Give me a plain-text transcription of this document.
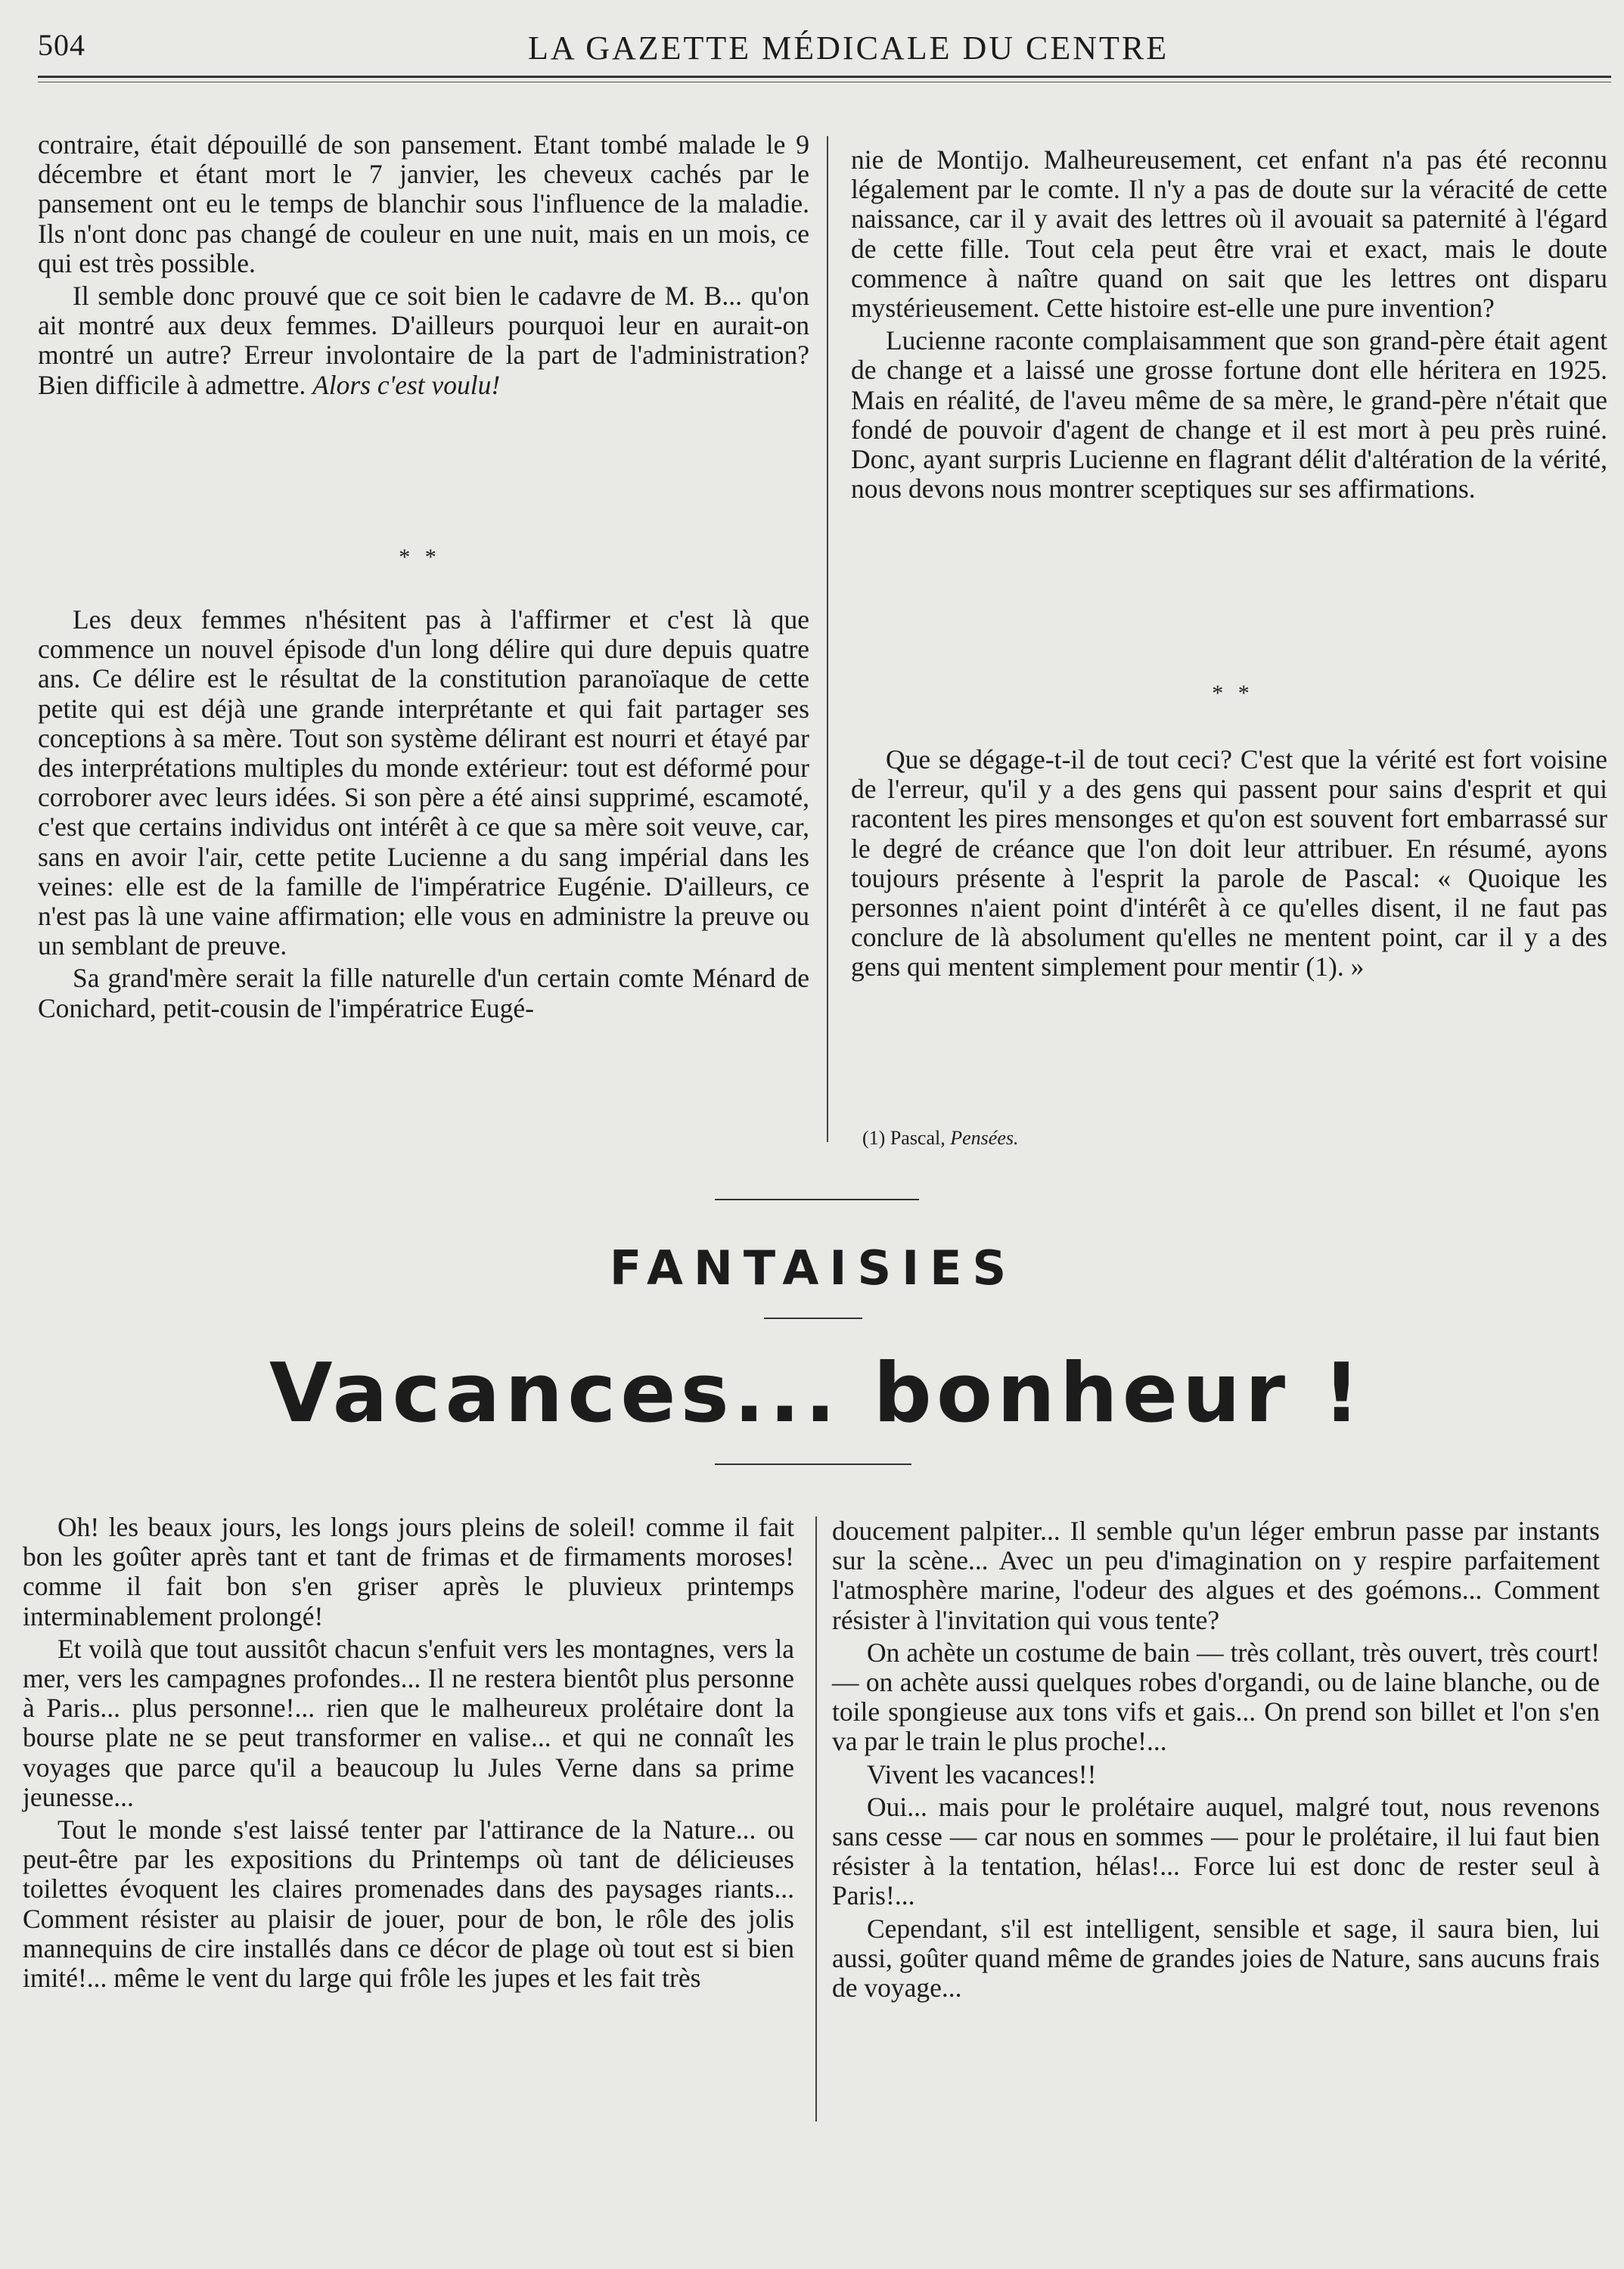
504	LA GAZETTE MÉDICALE DU CENTRE

contraire, était dépouillé de son pansement. Etant tombé malade le 9 décembre et étant mort le 7 janvier, les cheveux cachés par le pansement ont eu le temps de blanchir sous l'influence de la maladie. Ils n'ont donc pas changé de couleur en une nuit, mais en un mois, ce qui est très possible.

Il semble donc prouvé que ce soit bien le cadavre de M. B... qu'on ait montré aux deux femmes. D'ailleurs pourquoi leur en aurait-on montré un autre? Erreur involontaire de la part de l'administration? Bien difficile à admettre. Alors c'est voulu!

* *

Les deux femmes n'hésitent pas à l'affirmer et c'est là que commence un nouvel épisode d'un long délire qui dure depuis quatre ans. Ce délire est le résultat de la constitution paranoïaque de cette petite qui est déjà une grande interprétante et qui fait partager ses conceptions à sa mère. Tout son système délirant est nourri et étayé par des interprétations multiples du monde extérieur: tout est déformé pour corroborer avec leurs idées. Si son père a été ainsi supprimé, escamoté, c'est que certains individus ont intérêt à ce que sa mère soit veuve, car, sans en avoir l'air, cette petite Lucienne a du sang impérial dans les veines: elle est de la famille de l'impératrice Eugénie. D'ailleurs, ce n'est pas là une vaine affirmation; elle vous en administre la preuve ou un semblant de preuve.

Sa grand'mère serait la fille naturelle d'un certain comte Ménard de Conichard, petit-cousin de l'impératrice Eugé-

nie de Montijo. Malheureusement, cet enfant n'a pas été reconnu légalement par le comte. Il n'y a pas de doute sur la véracité de cette naissance, car il y avait des lettres où il avouait sa paternité à l'égard de cette fille. Tout cela peut être vrai et exact, mais le doute commence à naître quand on sait que les lettres ont disparu mystérieusement. Cette histoire est-elle une pure invention?

Lucienne raconte complaisamment que son grand-père était agent de change et a laissé une grosse fortune dont elle héritera en 1925. Mais en réalité, de l'aveu même de sa mère, le grand-père n'était que fondé de pouvoir d'agent de change et il est mort à peu près ruiné. Donc, ayant surpris Lucienne en flagrant délit d'altération de la vérité, nous devons nous montrer sceptiques sur ses affirmations.

* *

Que se dégage-t-il de tout ceci? C'est que la vérité est fort voisine de l'erreur, qu'il y a des gens qui passent pour sains d'esprit et qui racontent les pires mensonges et qu'on est souvent fort embarrassé sur le degré de créance que l'on doit leur attribuer. En résumé, ayons toujours présente à l'esprit la parole de Pascal: « Quoique les personnes n'aient point d'intérêt à ce qu'elles disent, il ne faut pas conclure de là absolument qu'elles ne mentent point, car il y a des gens qui mentent simplement pour mentir (1). »

(1) Pascal, Pensées.
FANTAISIES
Vacances... bonheur !

Oh! les beaux jours, les longs jours pleins de soleil! comme il fait bon les goûter après tant et tant de frimas et de firmaments moroses! comme il fait bon s'en griser après le pluvieux printemps interminablement prolongé!

Et voilà que tout aussitôt chacun s'enfuit vers les montagnes, vers la mer, vers les campagnes profondes... Il ne restera bientôt plus personne à Paris... plus personne!... rien que le malheureux prolétaire dont la bourse plate ne se peut transformer en valise... et qui ne connaît les voyages que parce qu'il a beaucoup lu Jules Verne dans sa prime jeunesse...

Tout le monde s'est laissé tenter par l'attirance de la Nature... ou peut-être par les expositions du Printemps où tant de délicieuses toilettes évoquent les claires promenades dans des paysages riants... Comment résister au plaisir de jouer, pour de bon, le rôle des jolis mannequins de cire installés dans ce décor de plage où tout est si bien imité!... même le vent du large qui frôle les jupes et les fait très

doucement palpiter... Il semble qu'un léger embrun passe par instants sur la scène... Avec un peu d'imagination on y respire parfaitement l'atmosphère marine, l'odeur des algues et des goémons... Comment résister à l'invitation qui vous tente?

On achète un costume de bain — très collant, très ouvert, très court! — on achète aussi quelques robes d'organdi, ou de laine blanche, ou de toile spongieuse aux tons vifs et gais... On prend son billet et l'on s'en va par le train le plus proche!...

Vivent les vacances!!

Oui... mais pour le prolétaire auquel, malgré tout, nous revenons sans cesse — car nous en sommes — pour le prolétaire, il lui faut bien résister à la tentation, hélas!... Force lui est donc de rester seul à Paris!...

Cependant, s'il est intelligent, sensible et sage, il saura bien, lui aussi, goûter quand même de grandes joies de Nature, sans aucuns frais de voyage...
